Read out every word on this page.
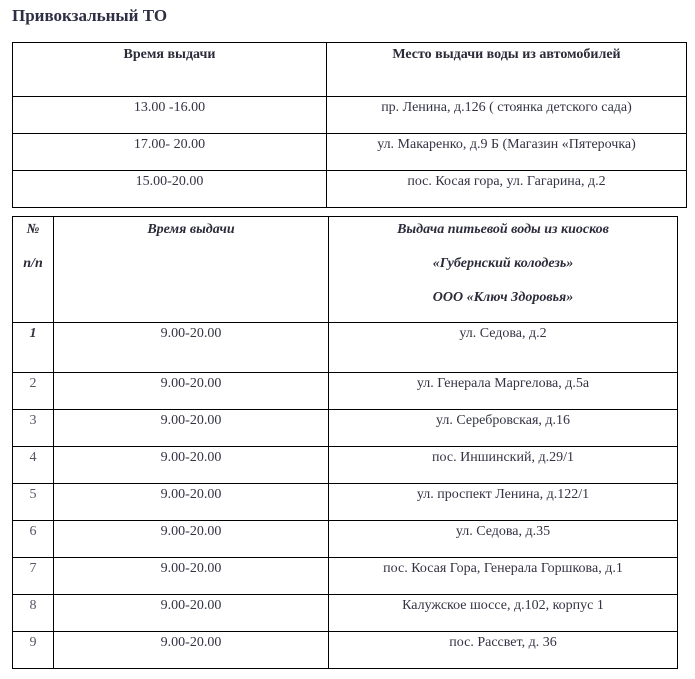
Привокзальный ТО
Время выдачи	Место выдачи воды из автомобилей
13.00 -16.00	пр. Ленина, д.126 ( стоянка детского сада)
17.00- 20.00	ул. Макаренко, д.9 Б (Магазин «Пятерочка)
15.00-20.00	пос. Косая гора, ул. Гагарина, д.2
№
п/п	Время выдачи	Выдача питьевой воды из киосков
«Губернский колодезь»
ООО «Ключ Здоровья»

1	9.00-20.00	ул. Седова, д.2
2	9.00-20.00	ул. Генерала Маргелова, д.5а
3	9.00-20.00	ул. Серебровская, д.16
4	9.00-20.00	пос. Иншинский, д.29/1
5	9.00-20.00	ул. проспект Ленина, д.122/1
6	9.00-20.00	ул. Седова, д.35
7	9.00-20.00	пос. Косая Гора, Генерала Горшкова, д.1
8	9.00-20.00	Калужское шоссе, д.102, корпус 1
9	9.00-20.00	пос. Рассвет, д. 36
